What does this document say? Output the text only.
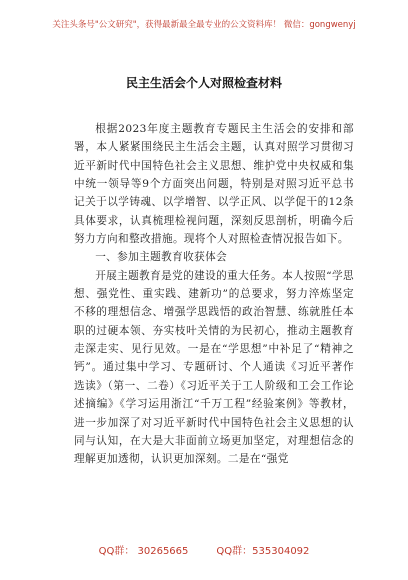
关注头条号"公文研究"，获得最新最全最专业的公文资料库！ 微信：gongwenyj
民主生活会个人对照检查材料

根据2023年度主题教育专题民主生活会的安排和部署，本人紧紧围绕民主生活会主题，认真对照学习贯彻习近平新时代中国特色社会主义思想、维护党中央权威和集中统一领导等9个方面突出问题，特别是对照习近平总书记关于以学铸魂、以学增智、以学正风、以学促干的12条具体要求，认真梳理检视问题，深刻反思剖析，明确今后努力方向和整改措施。现将个人对照检查情况报告如下。

一、参加主题教育收获体会

开展主题教育是党的建设的重大任务。本人按照“学思想、强党性、重实践、建新功”的总要求，努力淬炼坚定不移的理想信念、增强学思践悟的政治智慧、练就胜任本职的过硬本领、夯实枝叶关情的为民初心，推动主题教育走深走实、见行见效。一是在“学思想”中补足了“精神之钙”。通过集中学习、专题研讨、个人通读《习近平著作选读》（第一、二卷）《习近平关于工人阶级和工会工作论述摘编》《学习运用浙江“千万工程”经验案例》等教材，进一步加深了对习近平新时代中国特色社会主义思想的认同与认知，在大是大非面前立场更加坚定，对理想信念的理解更加透彻，认识更加深刻。二是在“强党

QQ群： 30265665	QQ群：535304092
